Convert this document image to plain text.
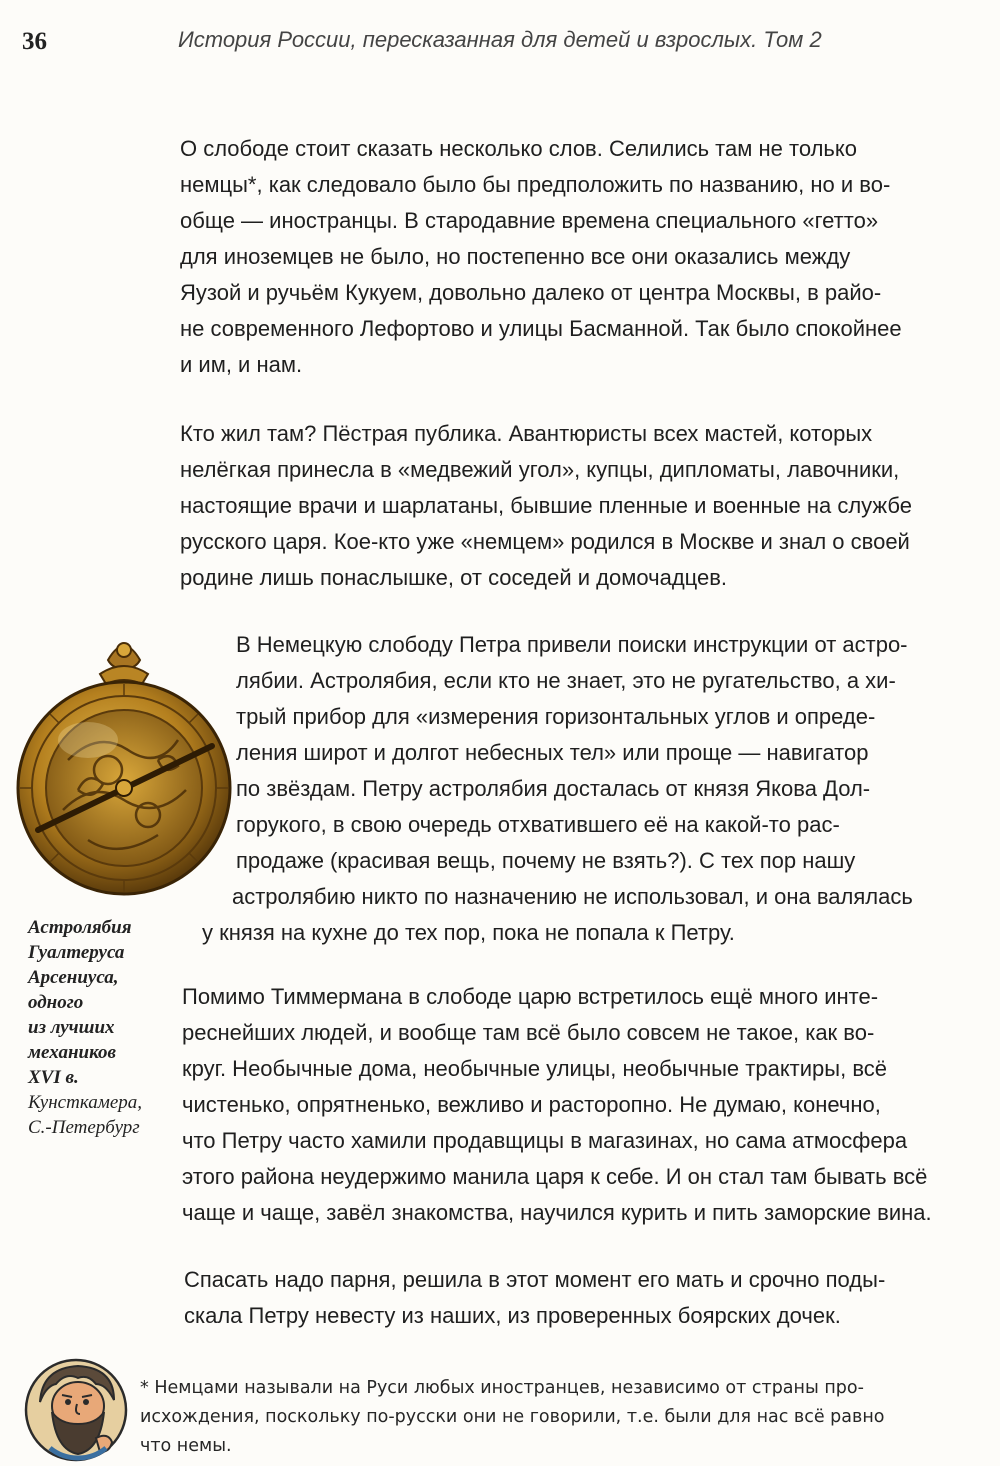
36	История России, пересказанная для детей и взрослых. Том 2
О слободе стоит сказать несколько слов. Селились там не только
немцы*, как следовало было бы предположить по названию, но и во-
обще — иностранцы. В стародавние времена специального «гетто»
для иноземцев не было, но постепенно все они оказались между
Яузой и ручьём Кукуем, довольно далеко от центра Москвы, в райо-
не современного Лефортово и улицы Басманной. Так было спокойнее
и им, и нам.
Кто жил там? Пёстрая публика. Авантюристы всех мастей, которых
нелёгкая принесла в «медвежий угол», купцы, дипломаты, лавочники,
настоящие врачи и шарлатаны, бывшие пленные и военные на службе
русского царя. Кое-кто уже «немцем» родился в Москве и знал о своей
родине лишь понаслышке, от соседей и домочадцев.
В Немецкую слободу Петра привели поиски инструкции от астро-
лябии. Астролябия, если кто не знает, это не ругательство, а хи-
трый прибор для «измерения горизонтальных углов и опреде-
ления широт и долгот небесных тел» или проще — навигатор
по звёздам. Петру астролябия досталась от князя Якова Дол-
горукого, в свою очередь отхватившего её на какой-то рас-
продаже (красивая вещь, почему не взять?). С тех пор нашу
астролябию никто по назначению не использовал, и она валялась
у князя на кухне до тех пор, пока не попала к Петру.
Астролябия
Гуалтеруса
Арсениуса,
одного
из лучших
механиков
XVI в.
Кунсткамера,
С.-Петербург
Помимо Тиммермана в слободе царю встретилось ещё много инте-
реснейших людей, и вообще там всё было совсем не такое, как во-
круг. Необычные дома, необычные улицы, необычные трактиры, всё
чистенько, опрятненько, вежливо и расторопно. Не думаю, конечно,
что Петру часто хамили продавщицы в магазинах, но сама атмосфера
этого района неудержимо манила царя к себе. И он стал там бывать всё
чаще и чаще, завёл знакомства, научился курить и пить заморские вина.
Спасать надо парня, решила в этот момент его мать и срочно поды-
скала Петру невесту из наших, из проверенных боярских дочек.
* Немцами называли на Руси любых иностранцев, независимо от страны про-
исхождения, поскольку по-русски они не говорили, т.е. были для нас всё равно
что немы.
